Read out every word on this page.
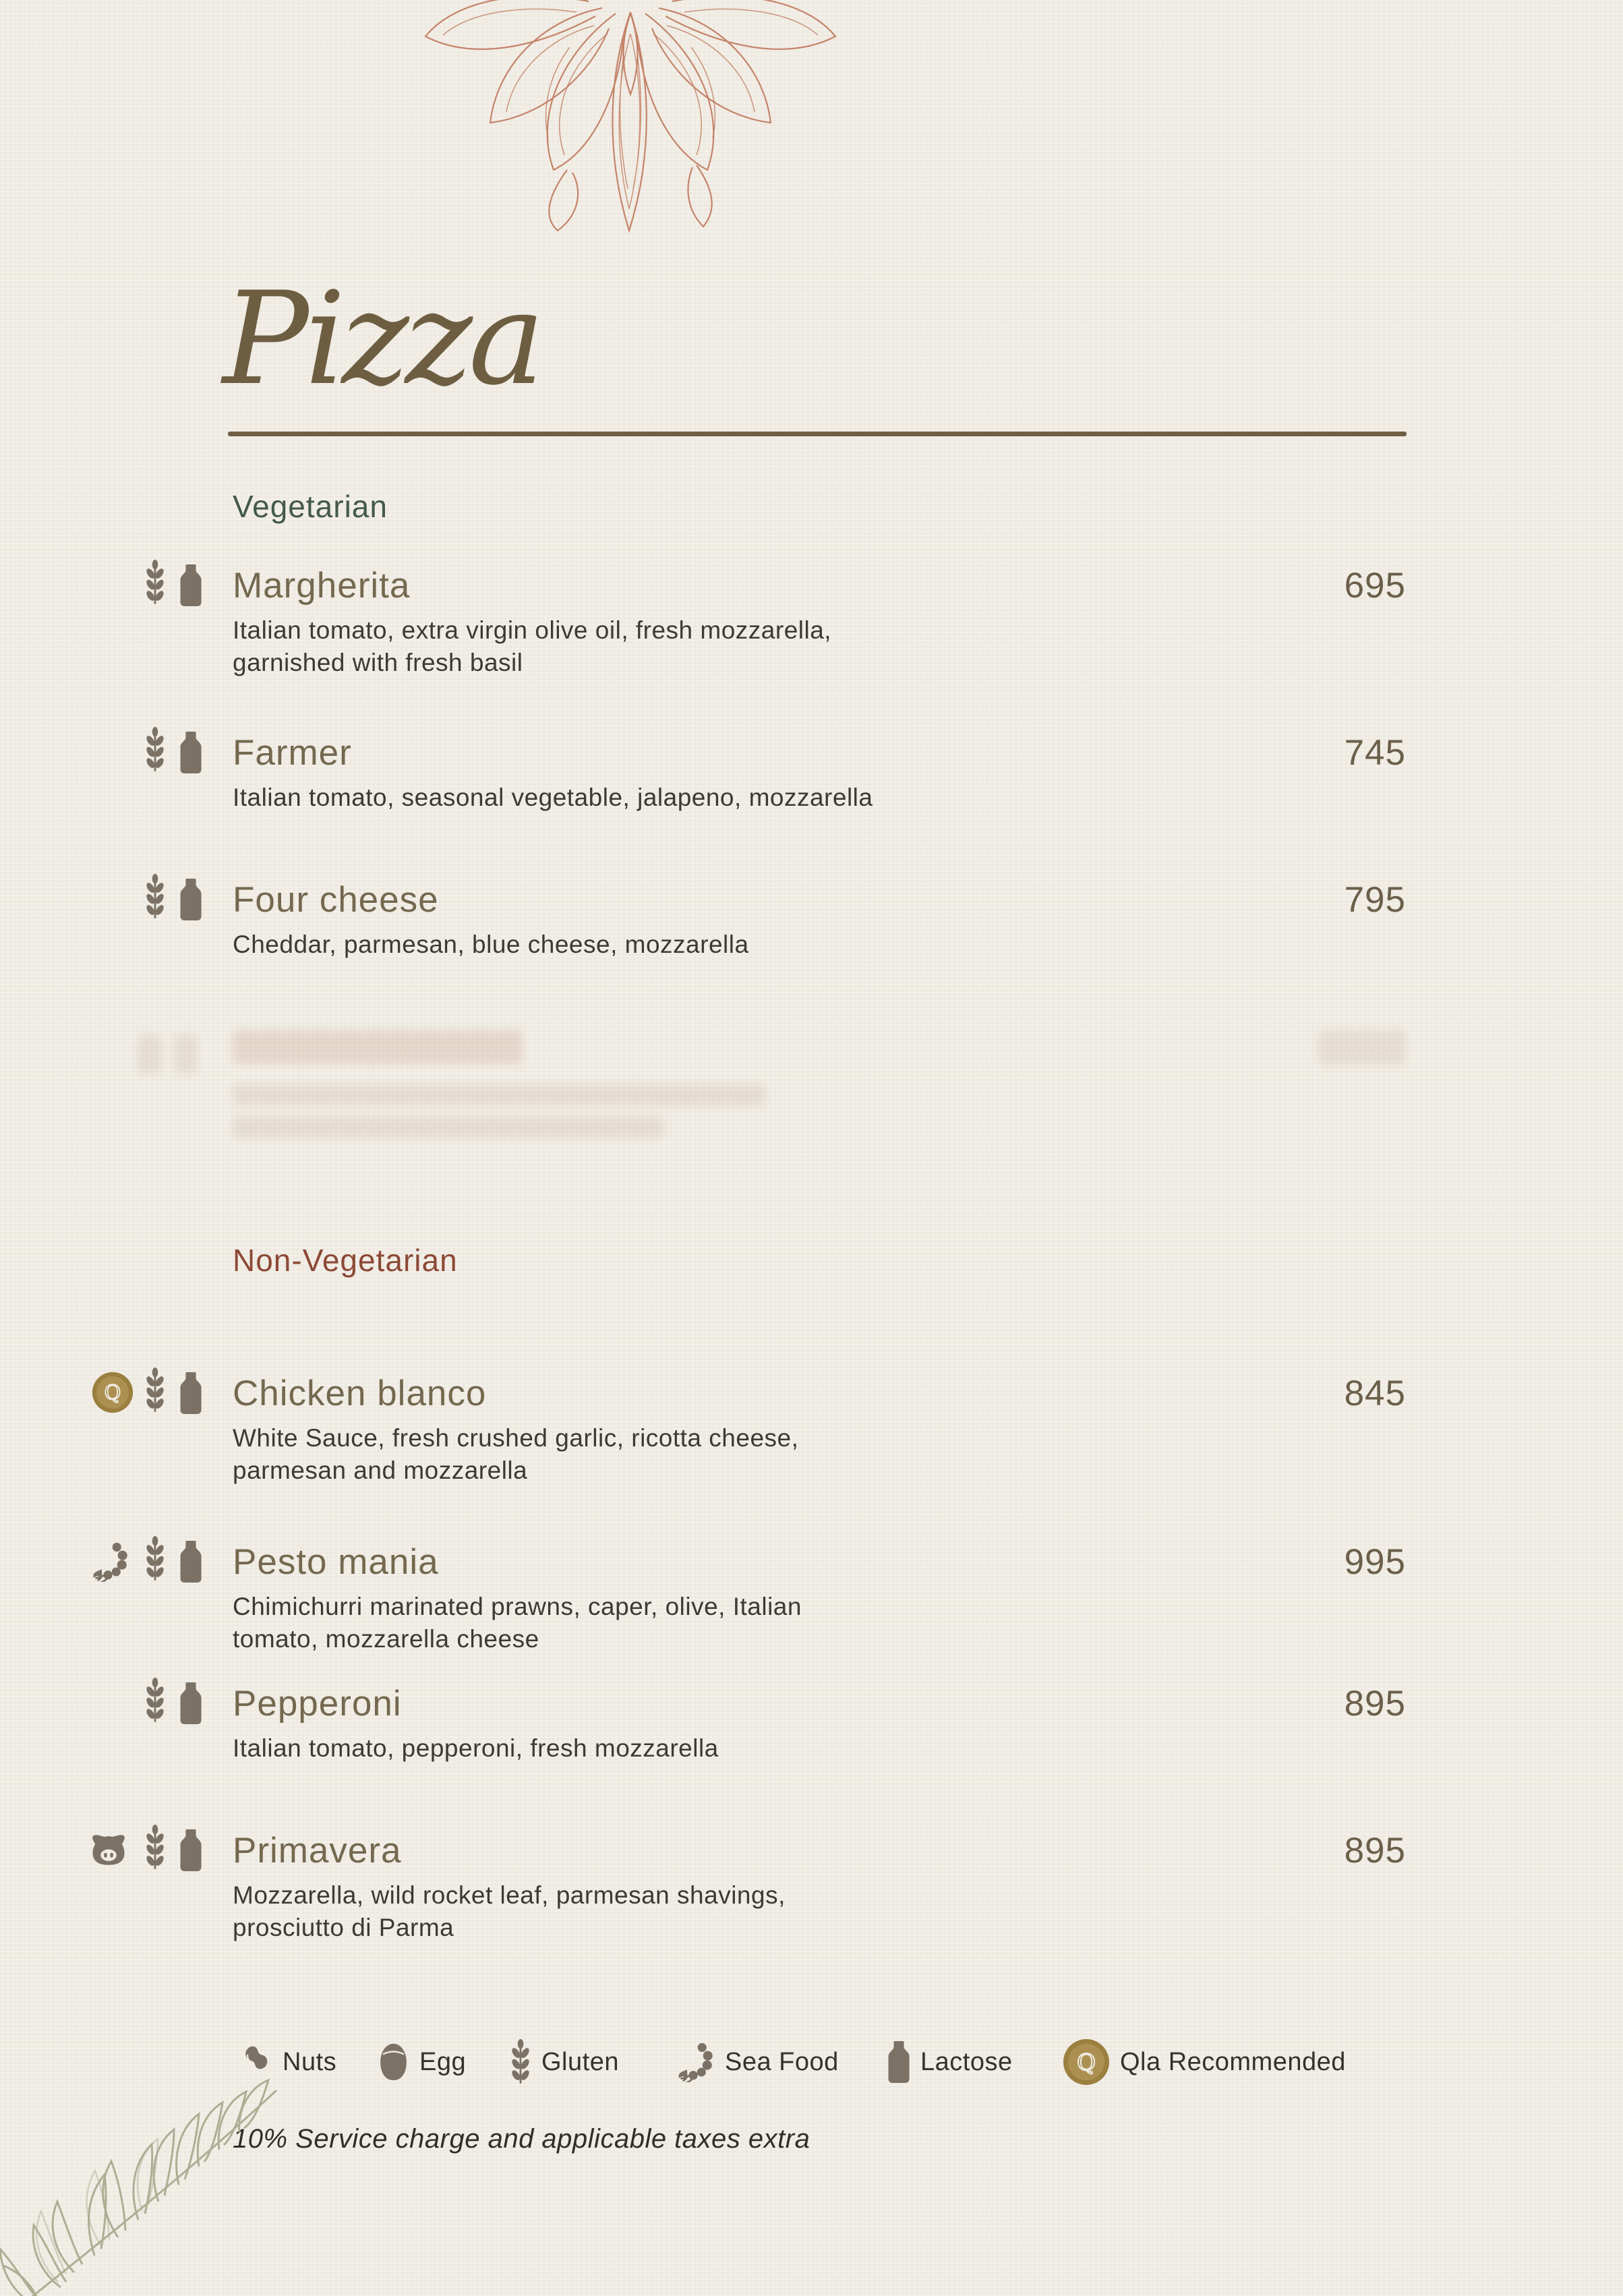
Pizza
Vegetarian
Margherita	695
Italian tomato, extra virgin olive oil, fresh mozzarella,
garnished with fresh basil
Farmer	745
Italian tomato, seasonal vegetable, jalapeno, mozzarella
Four cheese	795
Cheddar, parmesan, blue cheese, mozzarella
Non-Vegetarian
Chicken blanco	845
White Sauce, fresh crushed garlic, ricotta cheese,
parmesan and mozzarella
Pesto mania	995
Chimichurri marinated prawns, caper, olive, Italian
tomato, mozzarella cheese
Pepperoni	895
Italian tomato, pepperoni, fresh mozzarella
Primavera	895
Mozzarella, wild rocket leaf, parmesan shavings,
prosciutto di Parma
Nuts	Egg	Gluten	Sea Food	Lactose	Qla Recommended
10% Service charge and applicable taxes extra
